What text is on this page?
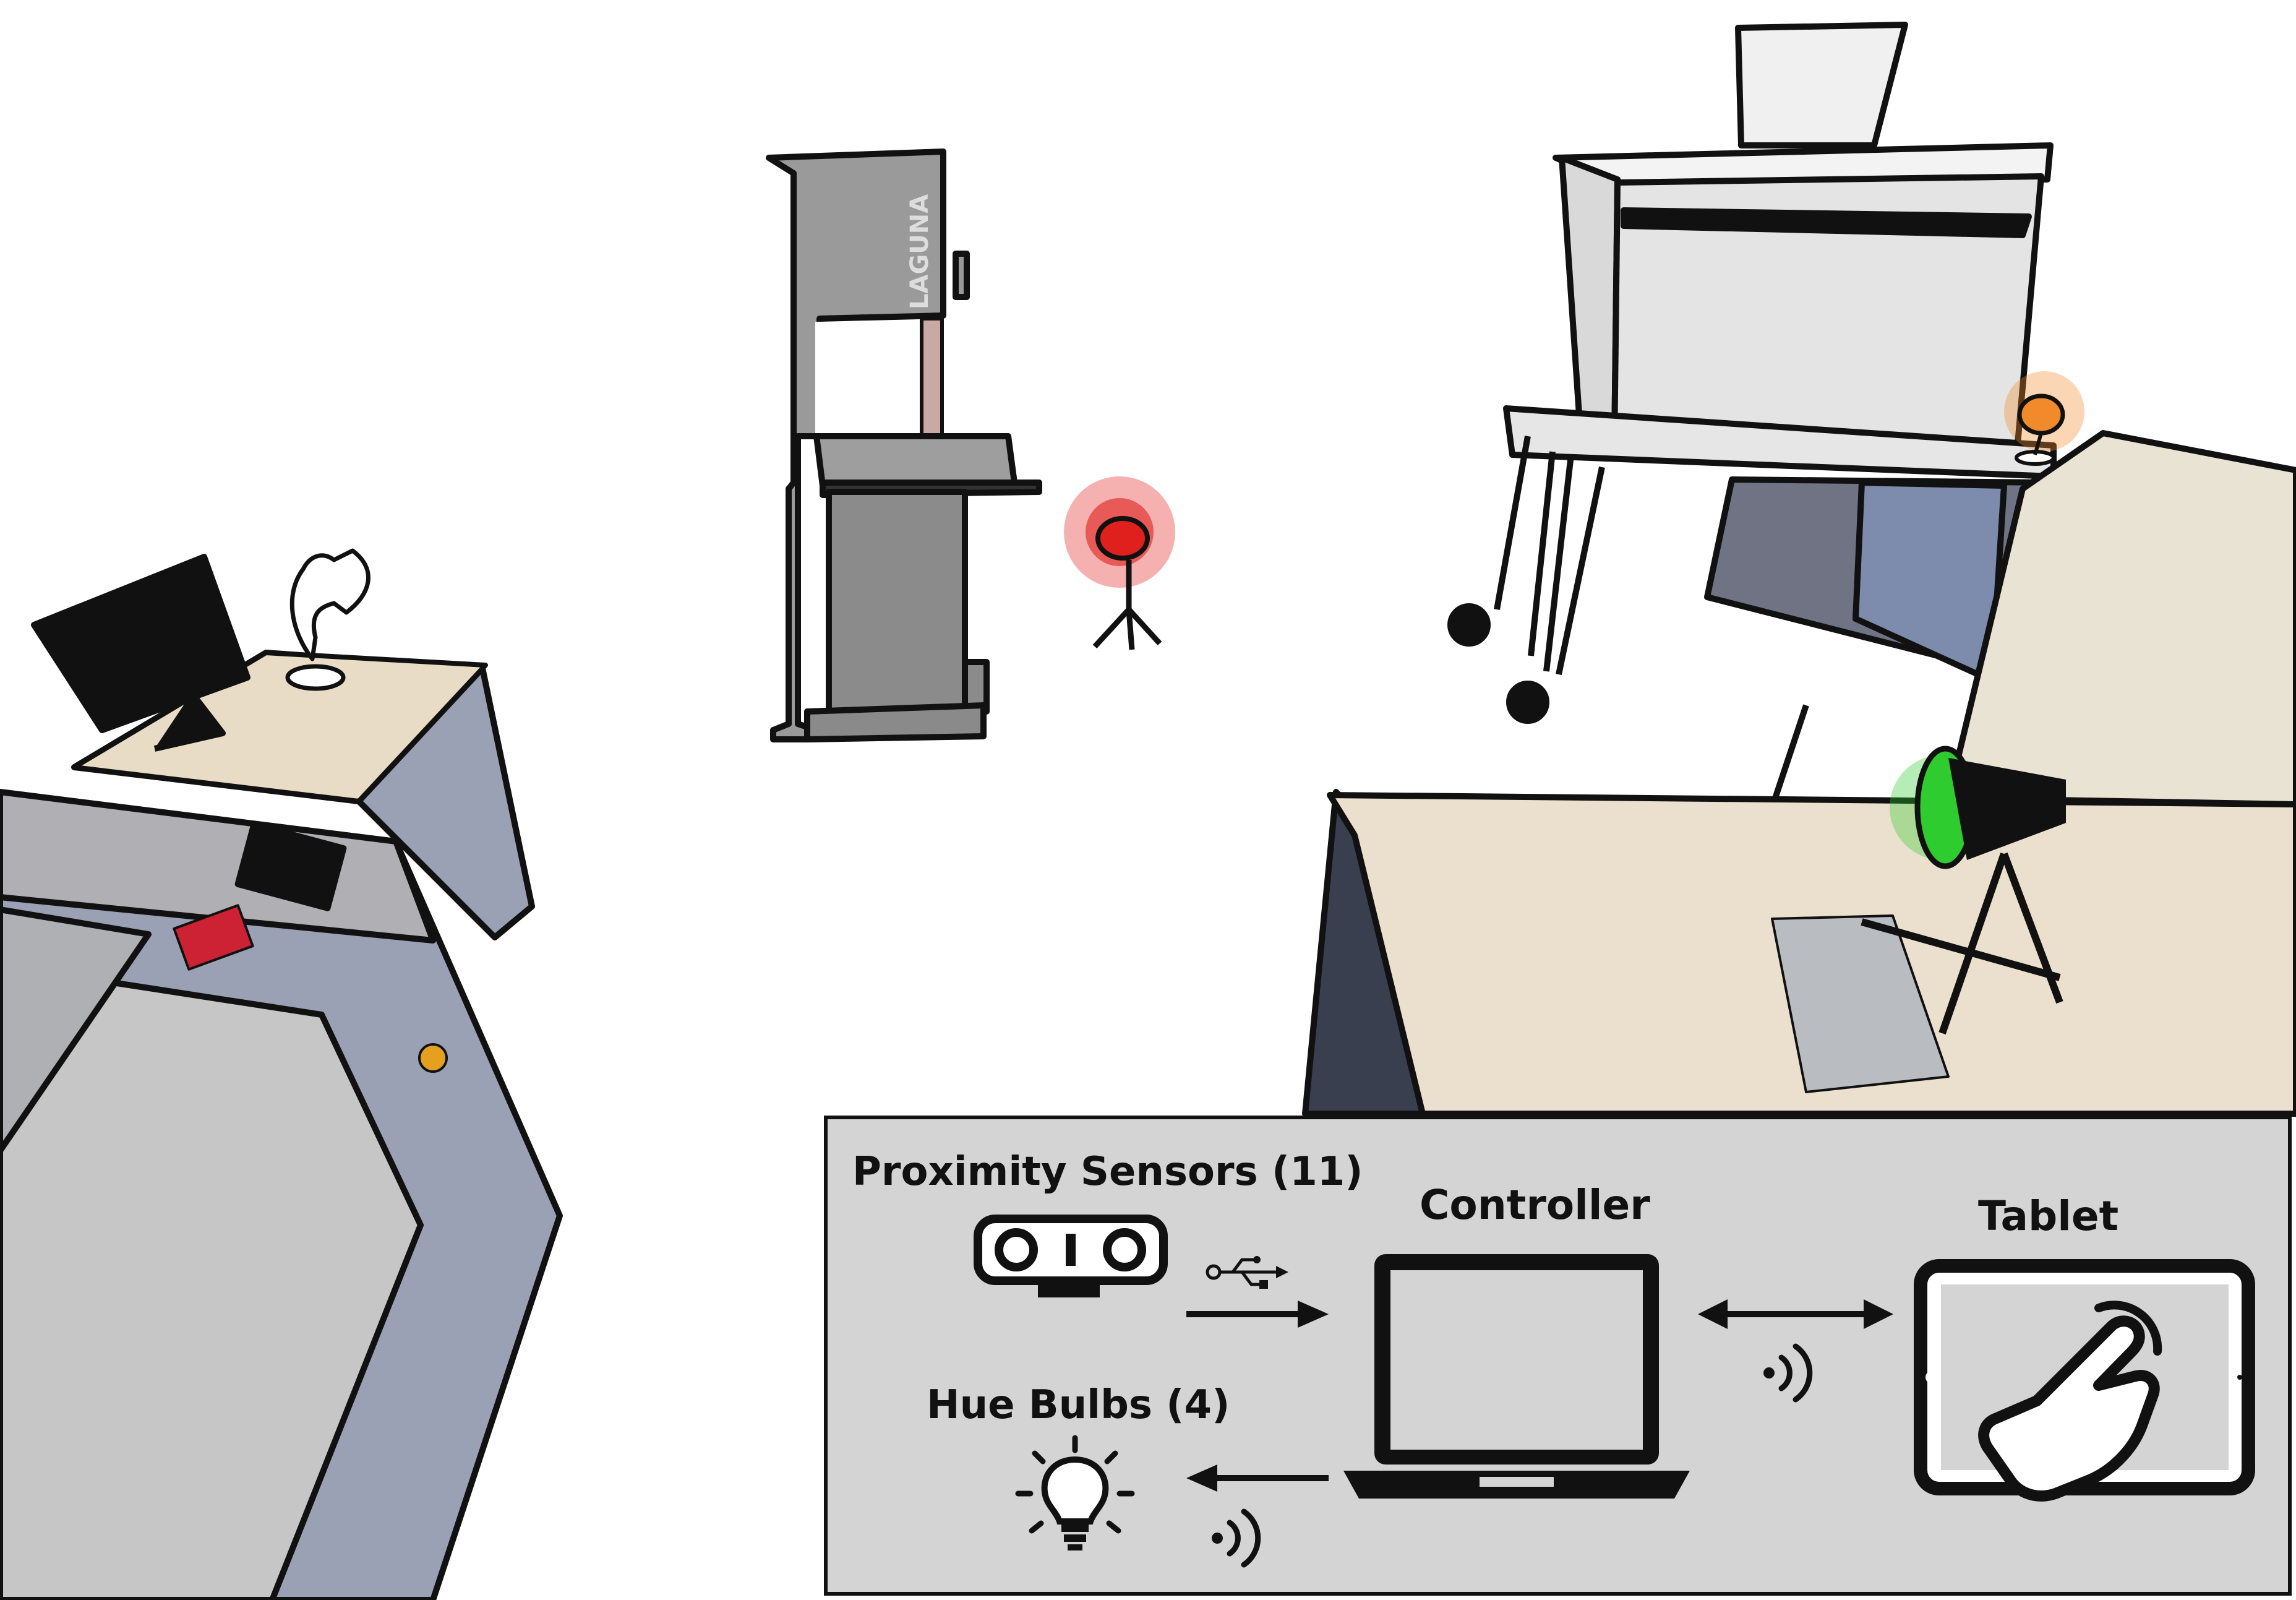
LAGUNA
Proximity Sensors (11)
Controller	Tablet
Hue Bulbs (4)
